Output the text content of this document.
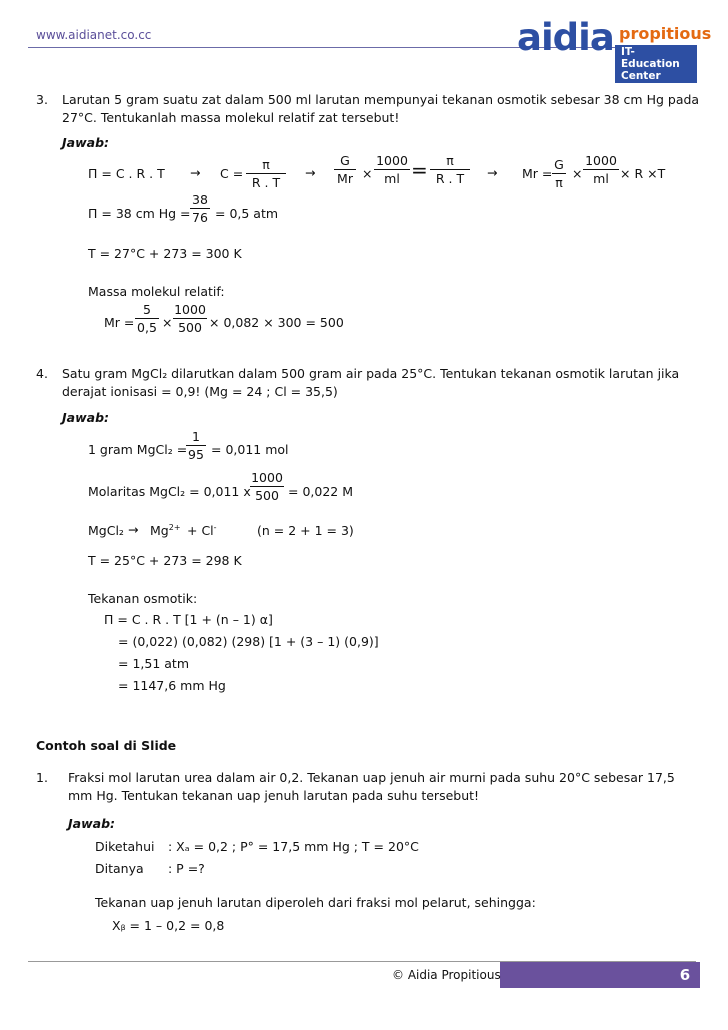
www.aidianet.co.cc	aidia propitious
IT- Education Center
3. Larutan 5 gram suatu zat dalam 500 ml larutan mempunyai tekanan osmotik sebesar 38 cm Hg pada
27°C. Tentukanlah massa molekul relatif zat tersebut!
Jawab:
Π = C . R . T → C =
π
R . T
→
G
Mr ×
1000
ml =	π
R . T	→ Mr =
G
π
×
1000
ml × R ×T
Π = 38 cm Hg =
38
76 = 0,5 atm
T = 27°C + 273 = 300 K
Massa molekul relatif:
Mr =
5
0,5 ×
1000
500 × 0,082 × 300 = 500
4. Satu gram MgCl₂ dilarutkan dalam 500 gram air pada 25°C. Tentukan tekanan osmotik larutan jika
derajat ionisasi = 0,9! (Mg = 24 ; Cl = 35,5)
Jawab:
1 gram MgCl₂ =
1
95 = 0,011 mol
Molaritas MgCl₂ = 0,011 x
1000
500 = 0,022 M
MgCl₂ → $Mg^{2+} + Cl^-$	(n = 2 + 1 = 3)
T = 25°C + 273 = 298 K
Tekanan osmotik:
Π = C . R . T [1 + (n – 1) α]
= (0,022) (0,082) (298) [1 + (3 – 1) (0,9)]
= 1,51 atm
= 1147,6 mm Hg
Contoh soal di Slide
1. Fraksi mol larutan urea dalam air 0,2. Tekanan uap jenuh air murni pada suhu 20°C sebesar 17,5
mm Hg. Tentukan tekanan uap jenuh larutan pada suhu tersebut!
Jawab:
Diketahui : Xₐ = 0,2 ; P° = 17,5 mm Hg ; T = 20°C
Ditanya : P =?
Tekanan uap jenuh larutan diperoleh dari fraksi mol pelarut, sehingga:
Xᵦ = 1 – 0,2 = 0,8
© Aidia Propitious	6
